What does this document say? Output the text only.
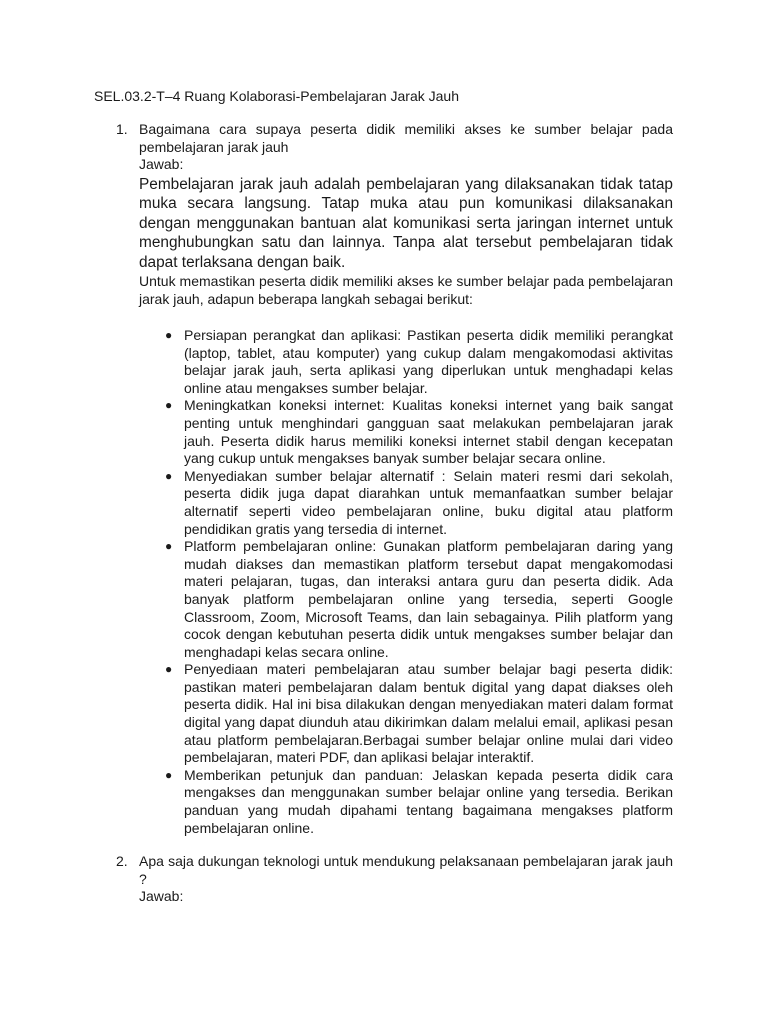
SEL.03.2-T–4 Ruang Kolaborasi-Pembelajaran Jarak Jauh
1. Bagaimana cara supaya peserta didik memiliki akses ke sumber belajar pada pembelajaran jarak jauh
Jawab:
Pembelajaran jarak jauh adalah pembelajaran yang dilaksanakan tidak tatap muka secara langsung. Tatap muka atau pun komunikasi dilaksanakan dengan menggunakan bantuan alat komunikasi serta jaringan internet untuk menghubungkan satu dan lainnya. Tanpa alat tersebut pembelajaran tidak dapat terlaksana dengan baik.
Untuk memastikan peserta didik memiliki akses ke sumber belajar pada pembelajaran jarak jauh, adapun beberapa langkah sebagai berikut:
● Persiapan perangkat dan aplikasi: Pastikan peserta didik memiliki perangkat (laptop, tablet, atau komputer) yang cukup dalam mengakomodasi aktivitas belajar jarak jauh, serta aplikasi yang diperlukan untuk menghadapi kelas online atau mengakses sumber belajar.
● Meningkatkan koneksi internet: Kualitas koneksi internet yang baik sangat penting untuk menghindari gangguan saat melakukan pembelajaran jarak jauh. Peserta didik harus memiliki koneksi internet stabil dengan kecepatan yang cukup untuk mengakses banyak sumber belajar secara online.
● Menyediakan sumber belajar alternatif : Selain materi resmi dari sekolah, peserta didik juga dapat diarahkan untuk memanfaatkan sumber belajar alternatif seperti video pembelajaran online, buku digital atau platform pendidikan gratis yang tersedia di internet.
● Platform pembelajaran online: Gunakan platform pembelajaran daring yang mudah diakses dan memastikan platform tersebut dapat mengakomodasi materi pelajaran, tugas, dan interaksi antara guru dan peserta didik. Ada banyak platform pembelajaran online yang tersedia, seperti Google Classroom, Zoom, Microsoft Teams, dan lain sebagainya. Pilih platform yang cocok dengan kebutuhan peserta didik untuk mengakses sumber belajar dan menghadapi kelas secara online.
● Penyediaan materi pembelajaran atau sumber belajar bagi peserta didik: pastikan materi pembelajaran dalam bentuk digital yang dapat diakses oleh peserta didik. Hal ini bisa dilakukan dengan menyediakan materi dalam format digital yang dapat diunduh atau dikirimkan dalam melalui email, aplikasi pesan atau platform pembelajaran.Berbagai sumber belajar online mulai dari video pembelajaran, materi PDF, dan aplikasi belajar interaktif.
● Memberikan petunjuk dan panduan: Jelaskan kepada peserta didik cara mengakses dan menggunakan sumber belajar online yang tersedia. Berikan panduan yang mudah dipahami tentang bagaimana mengakses platform pembelajaran online.
2. Apa saja dukungan teknologi untuk mendukung pelaksanaan pembelajaran jarak jauh ?
Jawab:
